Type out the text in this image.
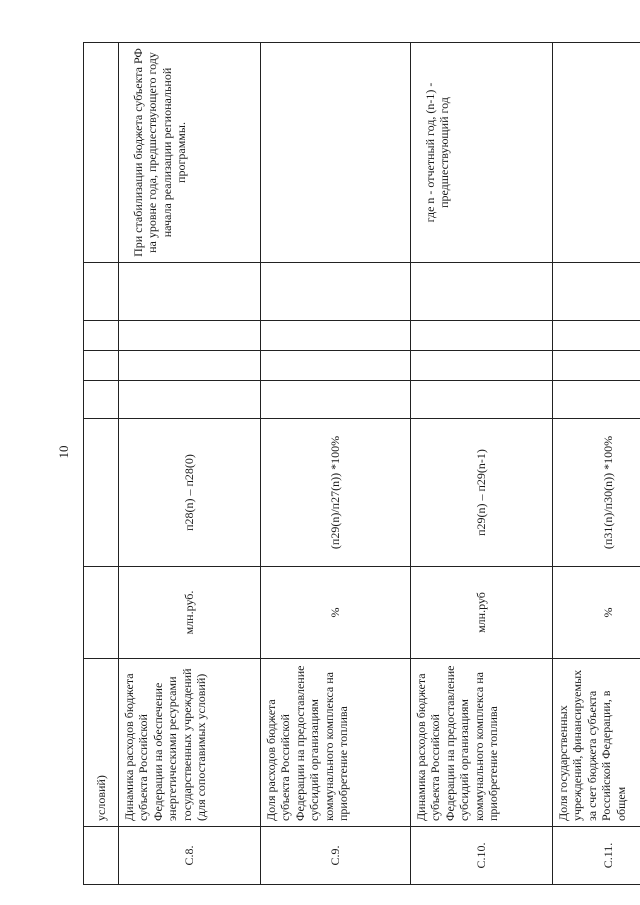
10
	условий)							
С.8.	Динамика расходов бюджета субъекта Российской Федерации на обеспечение энергетическими ресурсами государственных учреждений (для сопоставимых условий)	млн.руб.	п28(n) – п28(0)					При стабилизации бюджета субъекта РФ на уровне года, предшествующего году начала реализации региональной программы.
С.9.	Доля расходов бюджета субъекта Российской Федерации на предоставление субсидий организациям коммунального комплекса на приобретение топлива	%	(п29(n)/п27(n)) *100%					
С.10.	Динамика расходов бюджета субъекта Российской Федерации на предоставление субсидий организациям коммунального комплекса на приобретение топлива	млн.руб	п29(n) – п29(n-1)					где n - отчетный год, (n-1) - предшествующий год
С.11.	Доля государственных учреждений, финансируемых за счет бюджета субъекта Российской Федерации, в общем	%	(п31(n)/п30(n)) *100%					
